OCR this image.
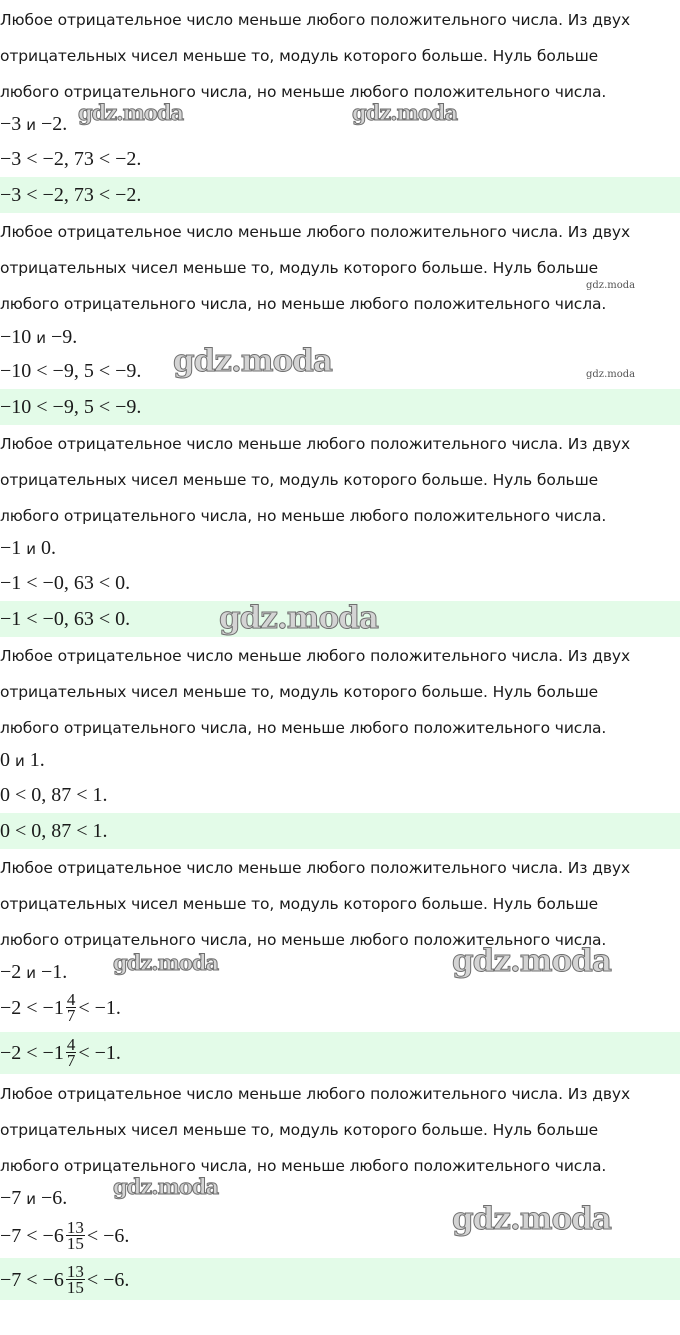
Любое отрицательное число меньше любого положительного числа. Из двух
отрицательных чисел меньше то, модуль которого больше. Нуль больше
любого отрицательного числа, но меньше любого положительного числа.
−3 и −2.
−3 < −2, 73 < −2.
−3 < −2, 73 < −2.
Любое отрицательное число меньше любого положительного числа. Из двух
отрицательных чисел меньше то, модуль которого больше. Нуль больше
любого отрицательного числа, но меньше любого положительного числа.
−10 и −9.
−10 < −9, 5 < −9.
−10 < −9, 5 < −9.
Любое отрицательное число меньше любого положительного числа. Из двух
отрицательных чисел меньше то, модуль которого больше. Нуль больше
любого отрицательного числа, но меньше любого положительного числа.
−1 и 0.
−1 < −0, 63 < 0.
−1 < −0, 63 < 0.
Любое отрицательное число меньше любого положительного числа. Из двух
отрицательных чисел меньше то, модуль которого больше. Нуль больше
любого отрицательного числа, но меньше любого положительного числа.
0 и 1.
0 < 0, 87 < 1.
0 < 0, 87 < 1.
Любое отрицательное число меньше любого положительного числа. Из двух
отрицательных чисел меньше то, модуль которого больше. Нуль больше
любого отрицательного числа, но меньше любого положительного числа.
−2 и −1.
$-2 < -1 \frac{4}{7} < -1$.
$-2 < -1 \frac{4}{7} < -1$.
Любое отрицательное число меньше любого положительного числа. Из двух
отрицательных чисел меньше то, модуль которого больше. Нуль больше
любого отрицательного числа, но меньше любого положительного числа.
−7 и −6.
$-7 < -6 \frac{13}{15} < -6$.
$-7 < -6 \frac{13}{15} < -6$.
gdz.moda	gdz.moda
gdz.moda
gdz.moda	gdz.moda
gdz.moda
gdz.moda	gdz.moda
gdz.moda
gdz.moda
